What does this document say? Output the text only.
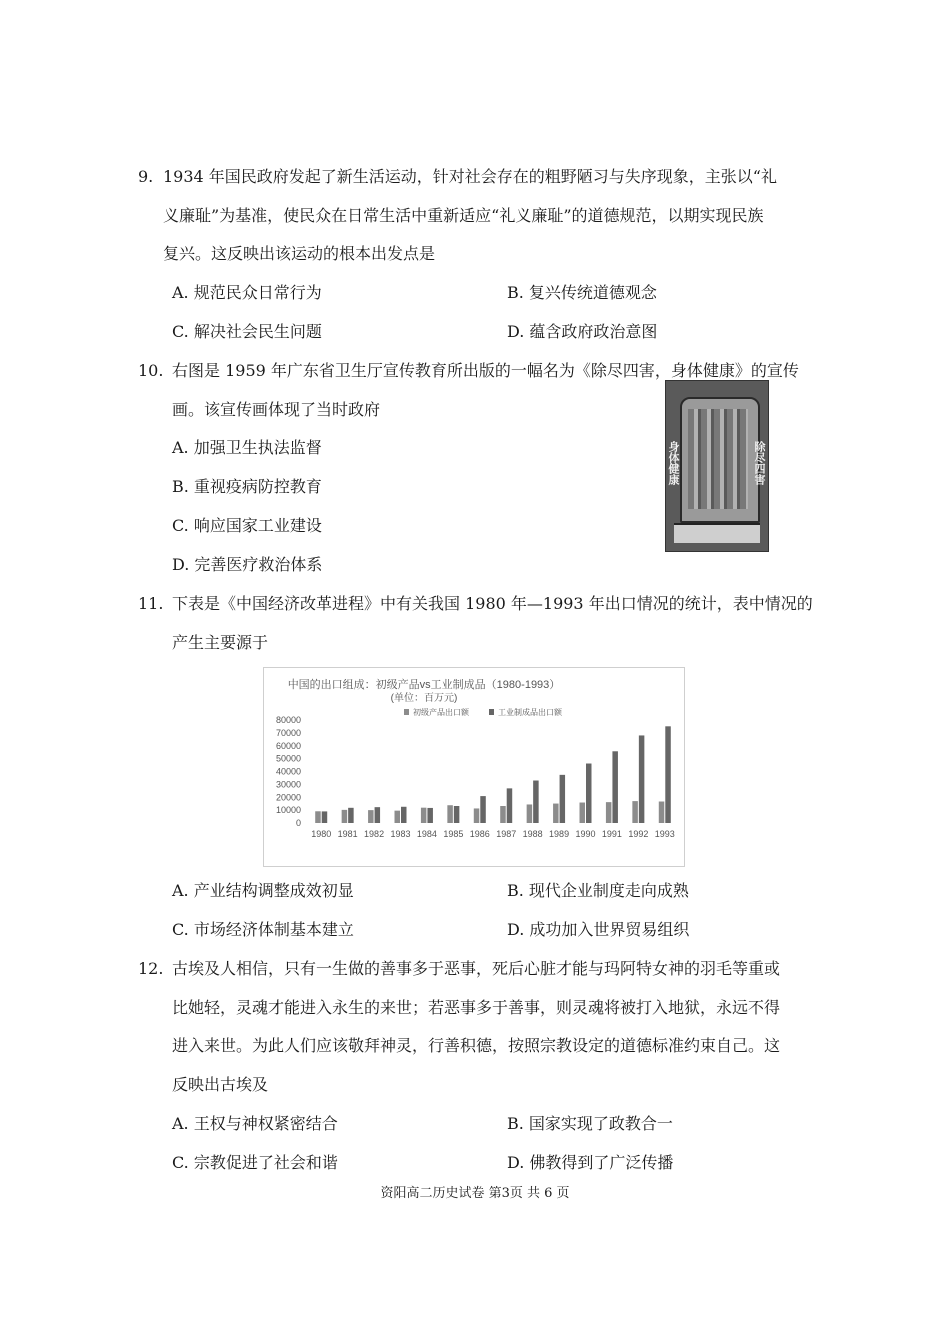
9. 1934 年国民政府发起了新生活运动，针对社会存在的粗野陋习与失序现象，主张以“礼
义廉耻”为基准，使民众在日常生活中重新适应“礼义廉耻”的道德规范，以期实现民族
复兴。这反映出该运动的根本出发点是
A. 规范民众日常行为	B. 复兴传统道德观念
C. 解决社会民生问题	D. 蕴含政府政治意图
10. 右图是 1959 年广东省卫生厅宣传教育所出版的一幅名为《除尽四害，身体健康》的宣传
画。该宣传画体现了当时政府
A. 加强卫生执法监督
B. 重视疫病防控教育
C. 响应国家工业建设
D. 完善医疗救治体系
身体健康	除尽四害
11. 下表是《中国经济改革进程》中有关我国 1980 年—1993 年出口情况的统计，表中情况的
产生主要源于
中国的出口组成：初级产品vs工业制成品（1980-1993）
(单位：百万元)
初级产品出口额	工业制成品出口额
0
10000
20000
30000
40000
50000
60000
70000
80000
1980 1981 1982 1983 1984 1985 1986 1987 1988 1989 1990 1991 1992 1993
A. 产业结构调整成效初显	B. 现代企业制度走向成熟
C. 市场经济体制基本建立	D. 成功加入世界贸易组织
12. 古埃及人相信，只有一生做的善事多于恶事，死后心脏才能与玛阿特女神的羽毛等重或
比她轻，灵魂才能进入永生的来世；若恶事多于善事，则灵魂将被打入地狱，永远不得
进入来世。为此人们应该敬拜神灵，行善积德，按照宗教设定的道德标准约束自己。这
反映出古埃及
A. 王权与神权紧密结合	B. 国家实现了政教合一
C. 宗教促进了社会和谐	D. 佛教得到了广泛传播
资阳高二历史试卷 第3页 共 6 页
